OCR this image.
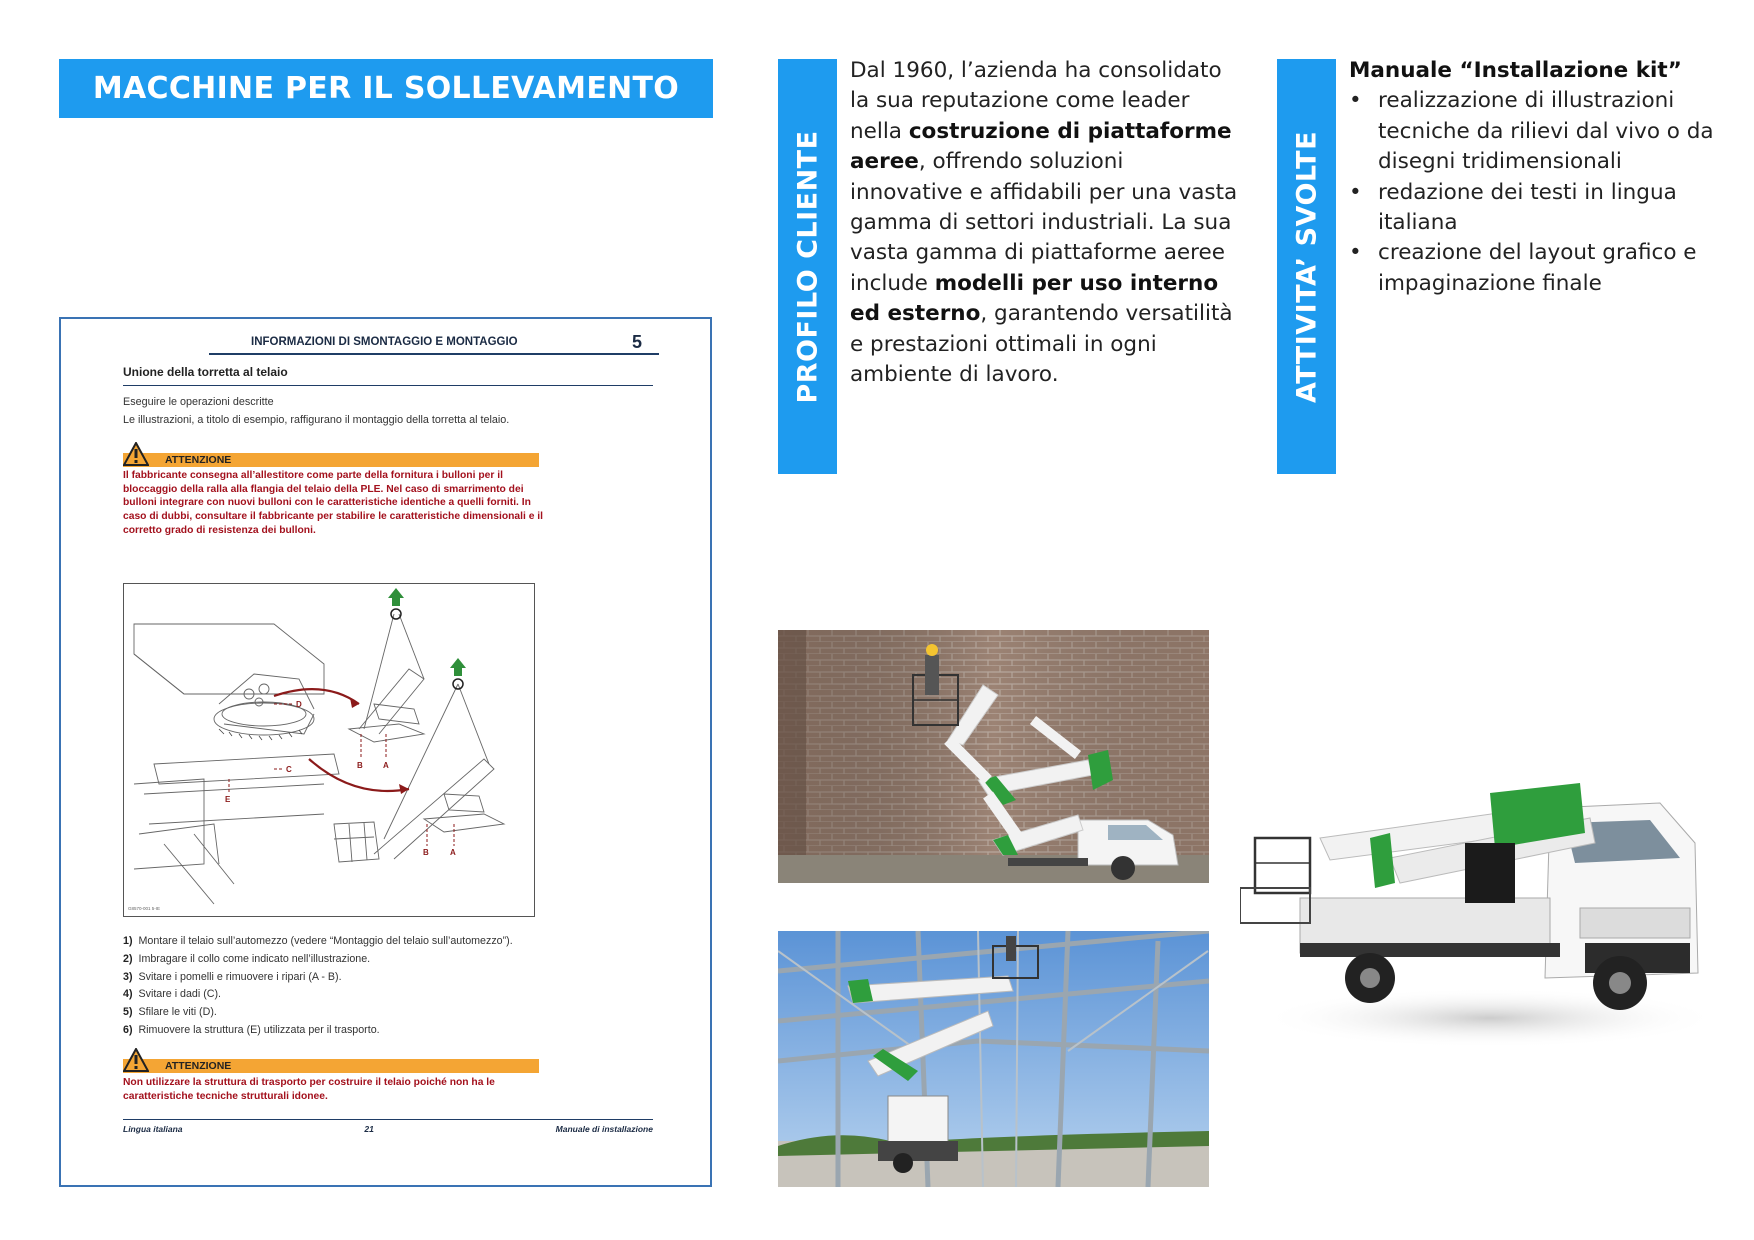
MACCHINE PER IL SOLLEVAMENTO
PROFILO CLIENTE
Dal 1960, l’azienda ha consolidato la sua reputazione come leader nella costruzione di piattaforme aeree, offrendo soluzioni innovative e affidabili per una vasta gamma di settori industriali. La sua vasta gamma di piattaforme aeree include modelli per uso interno ed esterno, garantendo versatilità e prestazioni ottimali in ogni ambiente di lavoro.	ATTIVITA’ SVOLTE
Manuale “Installazione kit”
• realizzazione di illustrazioni tecniche da rilievi dal vivo o da disegni tridimensionali
• redazione dei testi in lingua italiana
• creazione del layout grafico e impaginazione finale
INFORMAZIONI DI SMONTAGGIO E MONTAGGIO	5
Unione della torretta al telaio
Eseguire le operazioni descritte
Le illustrazioni, a titolo di esempio, raffigurano il montaggio della torretta al telaio.
ATTENZIONE
Il fabbricante consegna all’allestitore come parte della fornitura i bulloni per il bloccaggio della ralla alla flangia del telaio della PLE. Nel caso di smarrimento dei bulloni integrare con nuovi bulloni con le caratteristiche identiche a quelli forniti. In caso di dubbi, consultare il fabbricante per stabilire le caratteristiche dimensionali e il corretto grado di resistenza dei bulloni.
D
C
E
B	A
B	A
G8570-001 5-IE
1) Montare il telaio sull’automezzo (vedere “Montaggio del telaio sull’automezzo”).
2) Imbragare il collo come indicato nell’illustrazione.
3) Svitare i pomelli e rimuovere i ripari (A - B).
4) Svitare i dadi (C).
5) Sfilare le viti (D).
6) Rimuovere la struttura (E) utilizzata per il trasporto.
ATTENZIONE
Non utilizzare la struttura di trasporto per costruire il telaio poiché non ha le caratteristiche tecniche strutturali idonee.
Lingua italiana	21	Manuale di installazione
